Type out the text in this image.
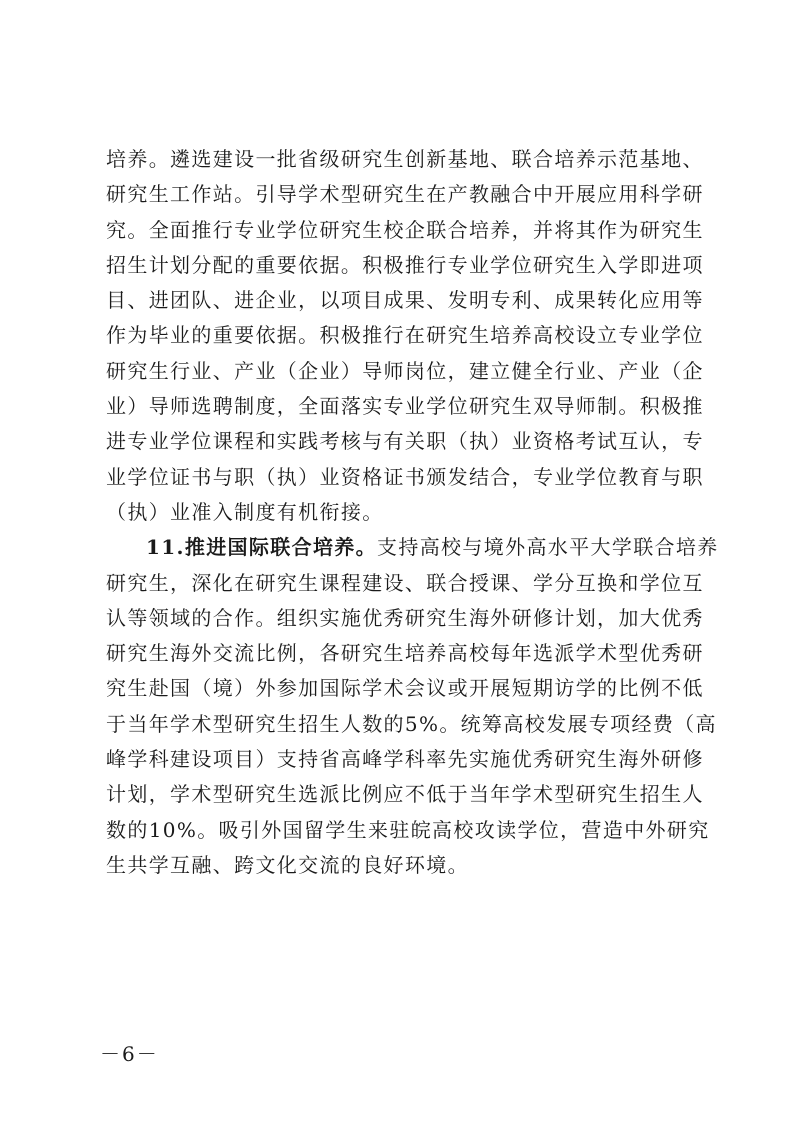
培养。遴选建设一批省级研究生创新基地、联合培养示范基地、
研究生工作站。引导学术型研究生在产教融合中开展应用科学研
究。全面推行专业学位研究生校企联合培养，并将其作为研究生
招生计划分配的重要依据。积极推行专业学位研究生入学即进项
目、进团队、进企业，以项目成果、发明专利、成果转化应用等
作为毕业的重要依据。积极推行在研究生培养高校设立专业学位
研究生行业、产业（企业）导师岗位，建立健全行业、产业（企
业）导师选聘制度，全面落实专业学位研究生双导师制。积极推
进专业学位课程和实践考核与有关职（执）业资格考试互认，专
业学位证书与职（执）业资格证书颁发结合，专业学位教育与职
（执）业准入制度有机衔接。
11.推进国际联合培养。支持高校与境外高水平大学联合培养
研究生，深化在研究生课程建设、联合授课、学分互换和学位互
认等领域的合作。组织实施优秀研究生海外研修计划，加大优秀
研究生海外交流比例，各研究生培养高校每年选派学术型优秀研
究生赴国（境）外参加国际学术会议或开展短期访学的比例不低
于当年学术型研究生招生人数的5%。统筹高校发展专项经费（高
峰学科建设项目）支持省高峰学科率先实施优秀研究生海外研修
计划，学术型研究生选派比例应不低于当年学术型研究生招生人
数的10%。吸引外国留学生来驻皖高校攻读学位，营造中外研究
生共学互融、跨文化交流的良好环境。
－6－
